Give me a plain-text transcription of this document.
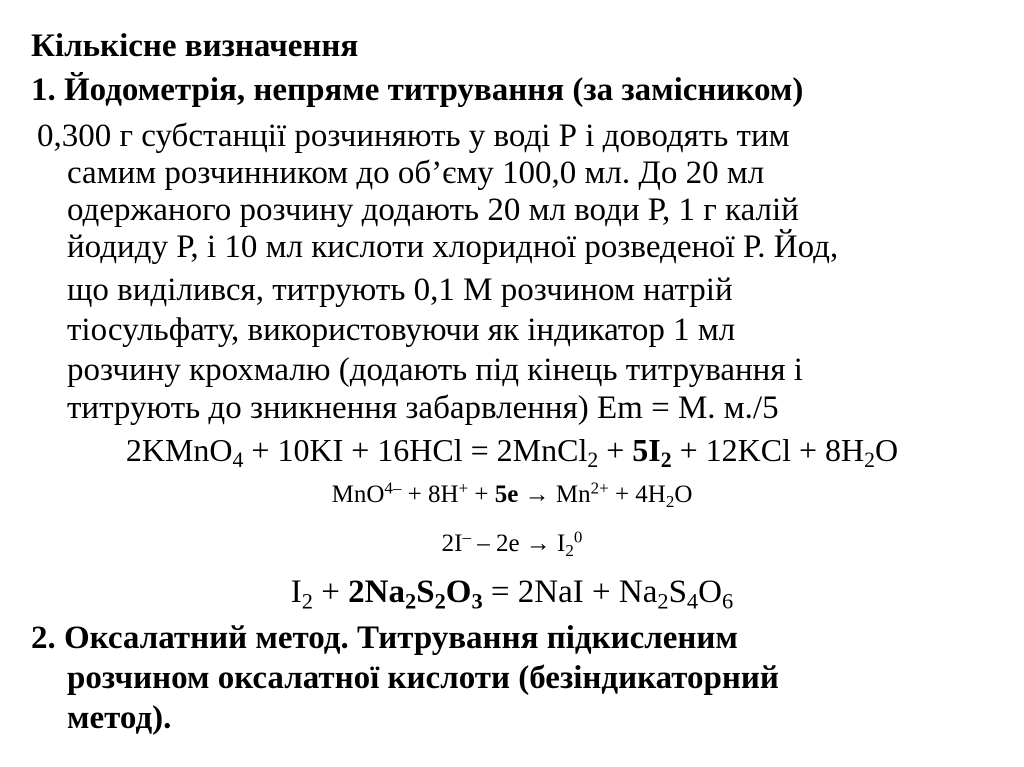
Кількісне визначення
1. Йодометрія, непряме титрування (за замісником)
0,300 г субстанції розчиняють у воді Р і доводять тим
самим розчинником до об’єму 100,0 мл. До 20 мл
одержаного розчину додають 20 мл води Р, 1 г калій
йодиду Р, і 10 мл кислоти хлоридної розведеної Р. Йод,
що виділився, титрують 0,1 М розчином натрій
тіосульфату, використовуючи як індикатор 1 мл
розчину крохмалю (додають під кінець титрування і
титрують до зникнення забарвлення) Еm = М. м./5
2KMnO$_4$ + 10KI + 16HCl = 2MnCl$_2$ + $5I_2 + 12KCl + 8H_2O$
$MnO^{4-} + 8H^+ + 5e \to Mn^{2+} + 4H_2O$
$2I^- - 2e \to I_2^0$
$I_2 + 2Na_2S_2O_3 = 2NaI + Na_2S_4O_6$
2. Оксалатний метод. Титрування підкисленим
розчином оксалатної кислоти (безіндикаторний
метод).
